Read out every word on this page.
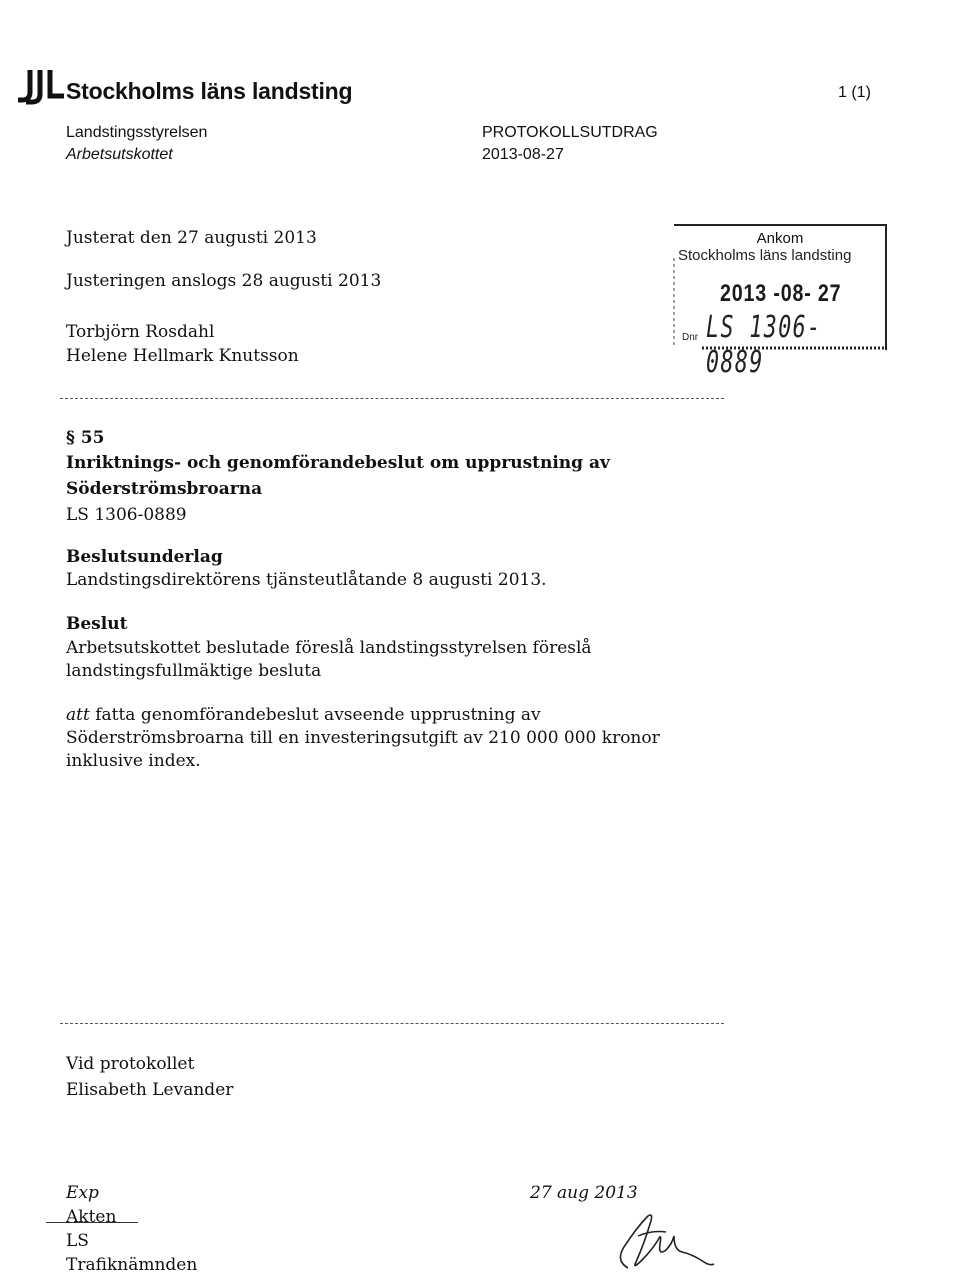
Stockholms läns landsting	1 (1)
Landstingsstyrelsen
Arbetsutskottet
PROTOKOLLSUTDRAG
2013-08-27
Justerat den 27 augusti 2013
Justeringen anslogs 28 augusti 2013
Torbjörn Rosdahl
Helene Hellmark Knutsson
Ankom
Stockholms läns landsting
2013 -08- 27
Dnr LS 1306-0889
§ 55
Inriktnings- och genomförandebeslut om upprustning av
Söderströmsbroarna
LS 1306-0889
Beslutsunderlag
Landstingsdirektörens tjänsteutlåtande 8 augusti 2013.
Beslut
Arbetsutskottet beslutade föreslå landstingsstyrelsen föreslå
landstingsfullmäktige besluta
att fatta genomförandebeslut avseende upprustning av
Söderströmsbroarna till en investeringsutgift av 210 000 000 kronor
inklusive index.
Vid protokollet
Elisabeth Levander
Exp
Akten
LS
Trafiknämnden
27 aug 2013
